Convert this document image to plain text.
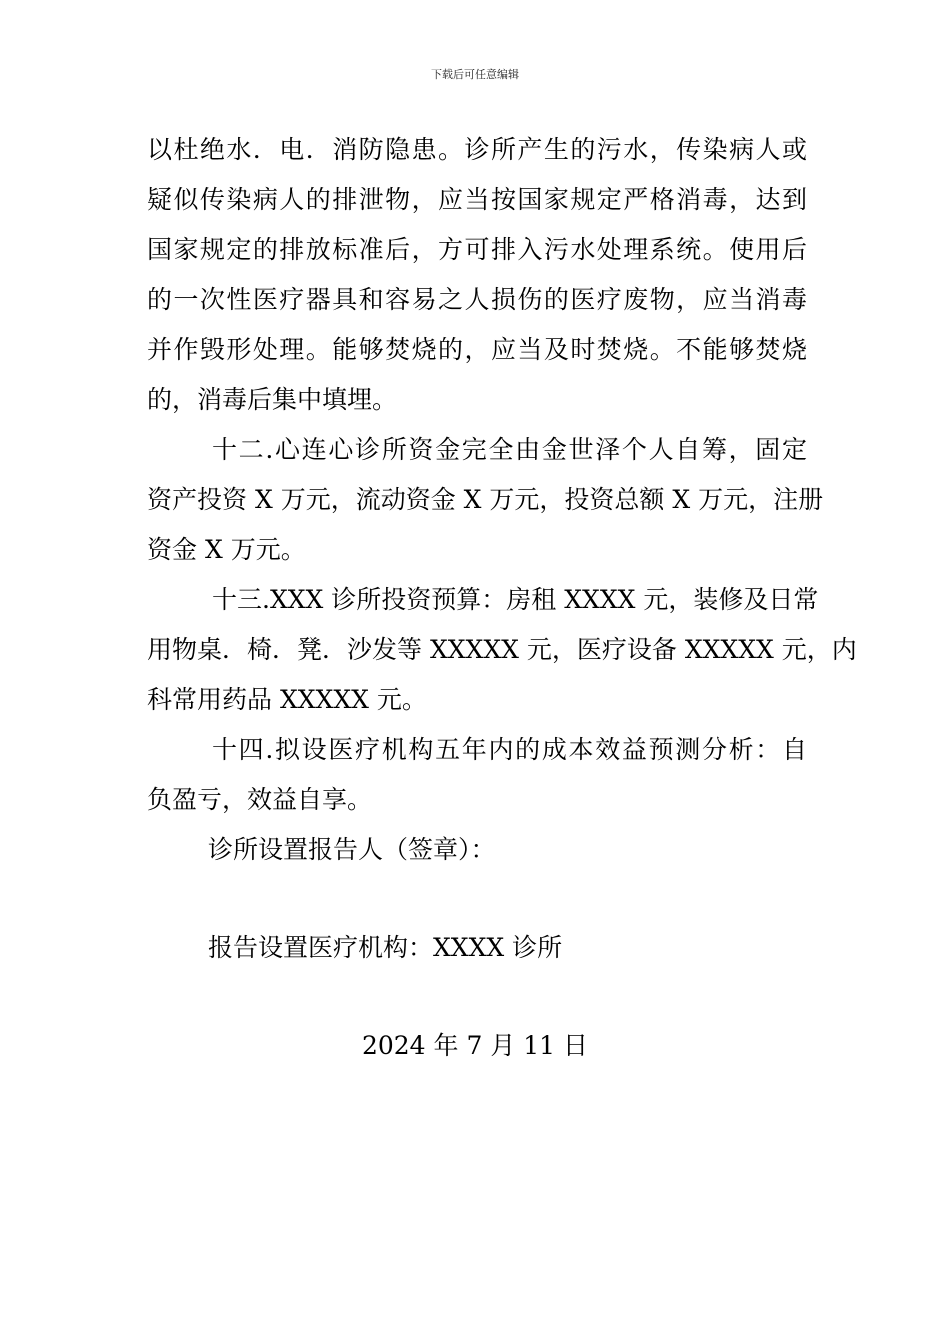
下载后可任意编辑
以杜绝水．电．消防隐患。诊所产生的污水，传染病人或
疑似传染病人的排泄物，应当按国家规定严格消毒，达到
国家规定的排放标准后，方可排入污水处理系统。使用后
的一次性医疗器具和容易之人损伤的医疗废物，应当消毒
并作毁形处理。能够焚烧的，应当及时焚烧。不能够焚烧
的，消毒后集中填埋。
十二.心连心诊所资金完全由金世泽个人自筹，固定
资产投资 X 万元，流动资金 X 万元，投资总额 X 万元，注册
资金 X 万元。
十三.XXX 诊所投资预算：房租 XXXX 元，装修及日常
用物桌．椅．凳．沙发等 XXXXX 元，医疗设备 XXXXX 元，内
科常用药品 XXXXX 元。
十四.拟设医疗机构五年内的成本效益预测分析：自
负盈亏，效益自享。
诊所设置报告人（签章）：
报告设置医疗机构：XXXX 诊所
2024 年 7 月 11 日
